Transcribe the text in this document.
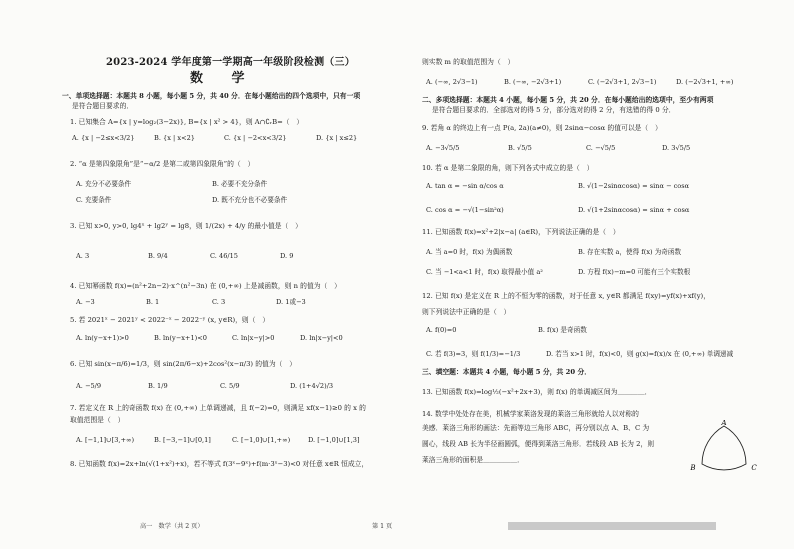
2023-2024 学年度第一学期高一年级阶段检测（三）
数 学
一、单项选择题：本题共 8 小题，每小题 5 分，共 40 分．在每小题给出的四个选项中，只有一项
是符合题目要求的．
1. 已知集合 A={x | y=log₂(3−2x)}, B={x | x² > 4}，则 A∩∁ᵣB=（　）
A. {x | −2≤x<3/2}	B. {x | x<2}	C. {x | −2<x<3/2}	D. {x | x≤2}
2. “α 是第四象限角”是“−α/2 是第二或第四象限角”的（　）
A. 充分不必要条件	B. 必要不充分条件
C. 充要条件	D. 既不充分也不必要条件
3. 已知 x>0, y>0, lg4ˣ + lg2ʸ = lg8，则 1/(2x) + 4/y 的最小值是（　）
A. 3	B. 9/4	C. 46/15	D. 9
4. 已知幂函数 f(x)=(n²+2n−2)·x^(n²−3n) 在 (0,+∞) 上是减函数，则 n 的值为（　）
A. −3	B. 1	C. 3	D. 1或−3
5. 若 2021ˣ − 2021ʸ < 2022⁻ˣ − 2022⁻ʸ (x, y∈R)，则（　）
A. ln(y−x+1)>0	B. ln(y−x+1)<0	C. ln|x−y|>0	D. ln|x−y|<0
6. 已知 sin(x−π/6)=1/3，则 sin(2π/6−x)+2cos²(x−π/3) 的值为（　）
A. −5/9	B. 1/9	C. 5/9	D. (1+4√2)/3
7. 若定义在 R 上的奇函数 f(x) 在 (0,+∞) 上单调递减，且 f(−2)=0，则满足 xf(x−1)≥0 的 x 的
取值范围是（　）
A. [−1,1]∪[3,+∞)	B. [−3,−1]∪[0,1]	C. [−1,0]∪[1,+∞)	D. [−1,0]∪[1,3]
8. 已知函数 f(x)=2x+ln(√(1+x²)+x)，若不等式 f(3ˣ−9ˣ)+f(m·3ˣ−3)<0 对任意 x∈R 恒成立，
高一　数学（共 2 页）	第 1 页
则实数 m 的取值范围为（　）
A. (−∞, 2√3−1)	B. (−∞, −2√3+1)	C. (−2√3+1, 2√3−1)	D. (−2√3+1, +∞)
二、多项选择题：本题共 4 小题，每小题 5 分，共 20 分．在每小题给出的选项中，至少有两项
是符合题目要求的．全部选对的得 5 分，部分选对的得 2 分，有选错的得 0 分．
9. 若角 α 的终边上有一点 P(a, 2a)(a≠0)，则 2sinα−cosα 的值可以是（　）
A. −3√5/5	B. √5/5	C. −√5/5	D. 3√5/5
10. 若 α 是第二象限的角，则下列各式中成立的是（　）
A. tan α = −sin α/cos α	B. √(1−2sinαcosα) = sinα − cosα
C. cos α = −√(1−sin²α)	D. √(1+2sinαcosα) = sinα + cosα
11. 已知函数 f(x)=x²+2|x−a| (a∈R)，下列说法正确的是（　）
A. 当 a=0 时，f(x) 为偶函数	B. 存在实数 a，使得 f(x) 为奇函数
C. 当 −1<a<1 时，f(x) 取得最小值 a²	D. 方程 f(x)−m=0 可能有三个实数根
12. 已知 f(x) 是定义在 R 上的不恒为零的函数，对于任意 x, y∈R 都满足 f(xy)=yf(x)+xf(y)，
则下列说法中正确的是（　）
A. f(0)=0	B. f(x) 是奇函数
C. 若 f(3)=3，则 f(1/3)=−1/3	D. 若当 x>1 时，f(x)<0，则 g(x)=f(x)/x 在 (0,+∞) 单调递减
三、填空题：本题共 4 小题，每小题 5 分，共 20 分．
13. 已知函数 f(x)=log½(−x²+2x+3)，则 f(x) 的单调减区间为＿＿＿＿．
14. 数学中处处存在美，机械学家莱洛发现的莱洛三角形就给人以对称的
美感．莱洛三角形的画法：先画等边三角形 ABC，再分别以点 A、B、C 为
圆心，线段 AB 长为半径画圆弧，便得到莱洛三角形．若线段 AB 长为 2，则
莱洛三角形的面积是＿＿＿＿＿．
A
B	C
